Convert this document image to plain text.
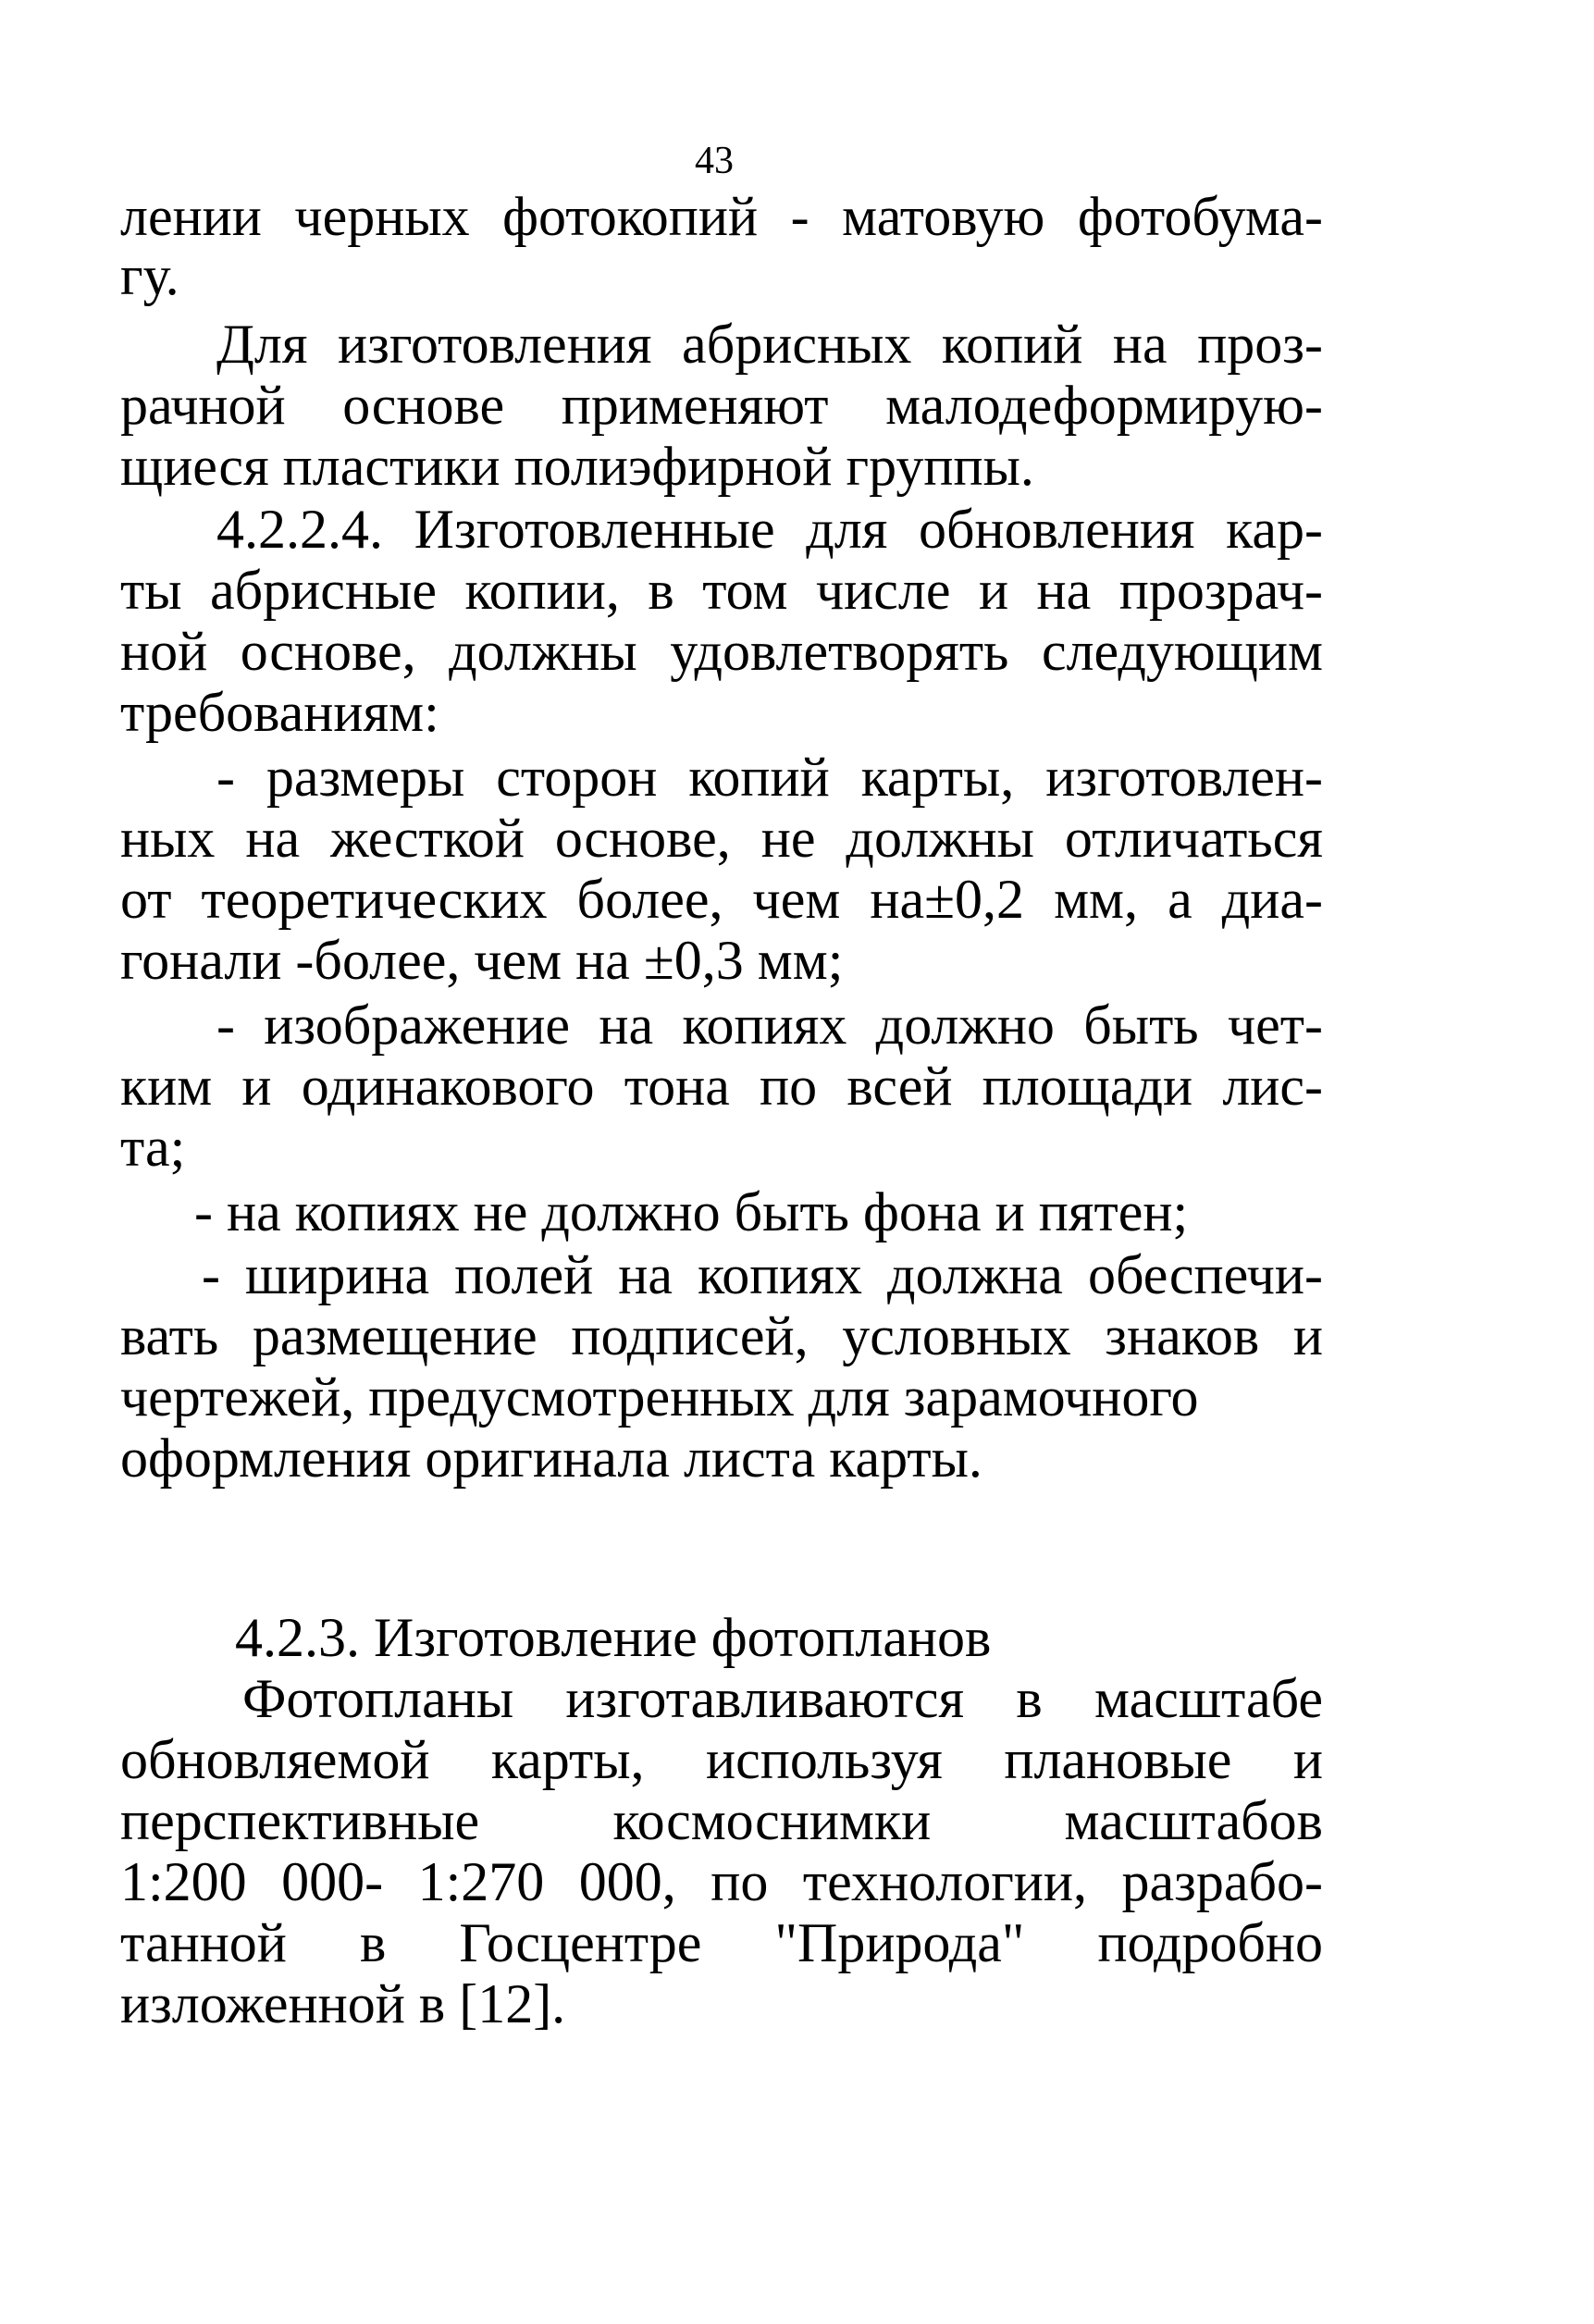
43
лении черных фотокопий - матовую фотобума-
гу.
Для изготовления абрисных копий на проз-
рачной основе применяют малодеформирую-
щиеся пластики полиэфирной группы.
4.2.2.4. Изготовленные для обновления кар-
ты абрисные копии, в том числе и на прозрач-
ной основе, должны удовлетворять следующим
требованиям:
- размеры сторон копий карты, изготовлен-
ных на жесткой основе, не должны отличаться
от теоретических более, чем на±0,2 мм, а диа-
гонали -более, чем на ±0,3 мм;
- изображение на копиях должно быть чет-
ким и одинакового тона по всей площади лис-
та;
- на копиях не должно быть фона и пятен;
- ширина полей на копиях должна обеспечи-
вать размещение подписей, условных знаков и
чертежей, предусмотренных для зарамочного
оформления оригинала листа карты.
4.2.3. Изготовление фотопланов
Фотопланы изготавливаются в масштабе
обновляемой карты, используя плановые и
перспективные космоснимки масштабов
1:200 000- 1:270 000, по технологии, разрабо-
танной в Госцентре "Природа" подробно
изложенной в [12].
